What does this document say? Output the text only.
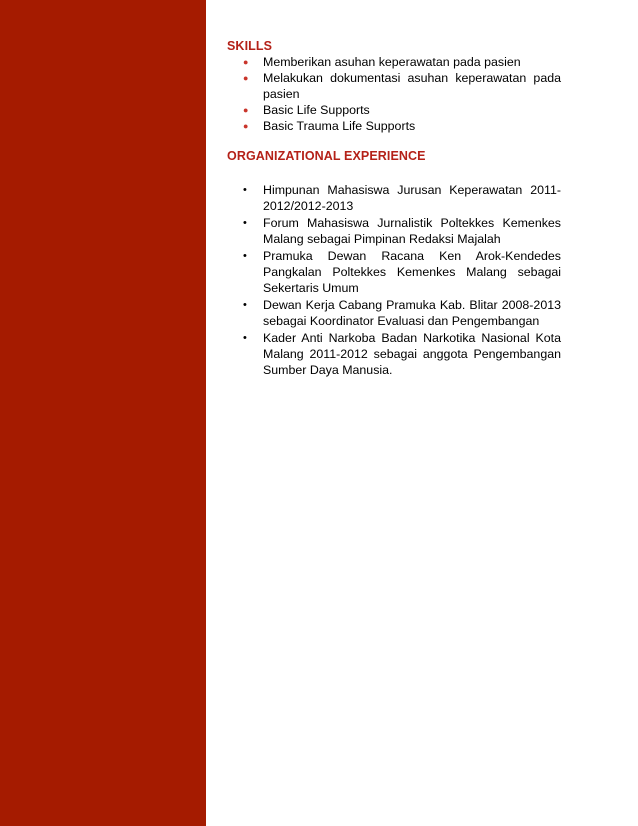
SKILLS
●	Memberikan asuhan keperawatan pada pasien
●	Melakukan dokumentasi asuhan keperawatan pada pasien
●	Basic Life Supports
●	Basic Trauma Life Supports
ORGANIZATIONAL EXPERIENCE
•	Himpunan Mahasiswa Jurusan Keperawatan 2011-2012/2012-2013
•	Forum Mahasiswa Jurnalistik Poltekkes Kemenkes Malang sebagai Pimpinan Redaksi Majalah
•	Pramuka Dewan Racana Ken Arok-Kendedes Pangkalan Poltekkes Kemenkes Malang sebagai Sekertaris Umum
•	Dewan Kerja Cabang Pramuka Kab. Blitar 2008-2013 sebagai Koordinator Evaluasi dan Pengembangan
•	Kader Anti Narkoba Badan Narkotika Nasional Kota Malang 2011-2012 sebagai anggota Pengembangan Sumber Daya Manusia.
